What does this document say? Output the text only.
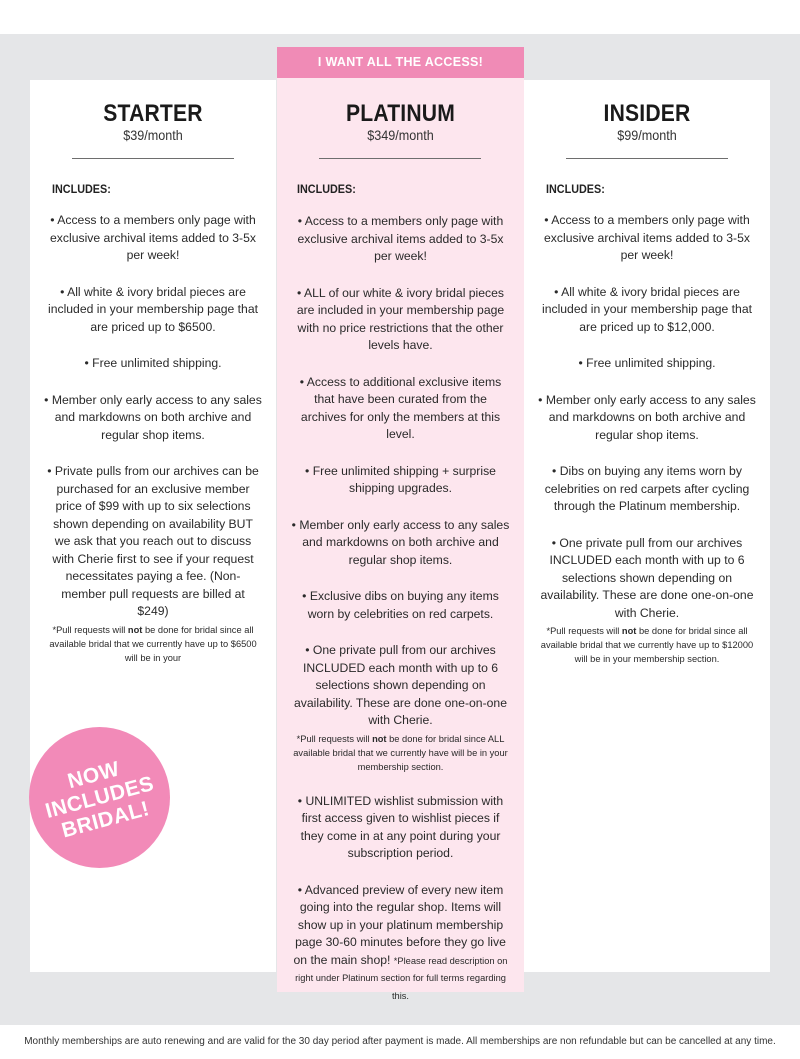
I WANT ALL THE ACCESS!
STARTER
$39/month
INCLUDES:
• Access to a members only page with exclusive archival items added to 3-5x per week!
• All white & ivory bridal pieces are included in your membership page that are priced up to $6500.
• Free unlimited shipping.
• Member only early access to any sales and markdowns on both archive and regular shop items.
• Private pulls from our archives can be purchased for an exclusive member price of $99 with up to six selections shown depending on availability BUT we ask that you reach out to discuss with Cherie first to see if your request necessitates paying a fee. (Non-member pull requests are billed at $249)
*Pull requests will not be done for bridal since all available bridal that we currently have up to $6500 will be in your
PLATINUM
$349/month
INCLUDES:
• Access to a members only page with exclusive archival items added to 3-5x per week!
• ALL of our white & ivory bridal pieces are included in your membership page with no price restrictions that the other levels have.
• Access to additional exclusive items that have been curated from the archives for only the members at this level.
• Free unlimited shipping + surprise shipping upgrades.
• Member only early access to any sales and markdowns on both archive and regular shop items.
• Exclusive dibs on buying any items worn by celebrities on red carpets.
• One private pull from our archives INCLUDED each month with up to 6 selections shown depending on availability. These are done one-on-one with Cherie.
*Pull requests will not be done for bridal since ALL available bridal that we currently have will be in your membership section.
• UNLIMITED wishlist submission with first access given to wishlist pieces if they come in at any point during your subscription period.
• Advanced preview of every new item going into the regular shop. Items will show up in your platinum membership page 30-60 minutes before they go live on the main shop! *Please read description on right under Platinum section for full terms regarding this.
INSIDER
$99/month
INCLUDES:
• Access to a members only page with exclusive archival items added to 3-5x per week!
• All white & ivory bridal pieces are included in your membership page that are priced up to $12,000.
• Free unlimited shipping.
• Member only early access to any sales and markdowns on both archive and regular shop items.
• Dibs on buying any items worn by celebrities on red carpets after cycling through the Platinum membership.
• One private pull from our archives INCLUDED each month with up to 6 selections shown depending on availability. These are done one-on-one with Cherie.
*Pull requests will not be done for bridal since all available bridal that we currently have up to $12000 will be in your membership section.
NOW
INCLUDES
BRIDAL!
Monthly memberships are auto renewing and are valid for the 30 day period after payment is made. All memberships are non refundable but can be cancelled at any time.
